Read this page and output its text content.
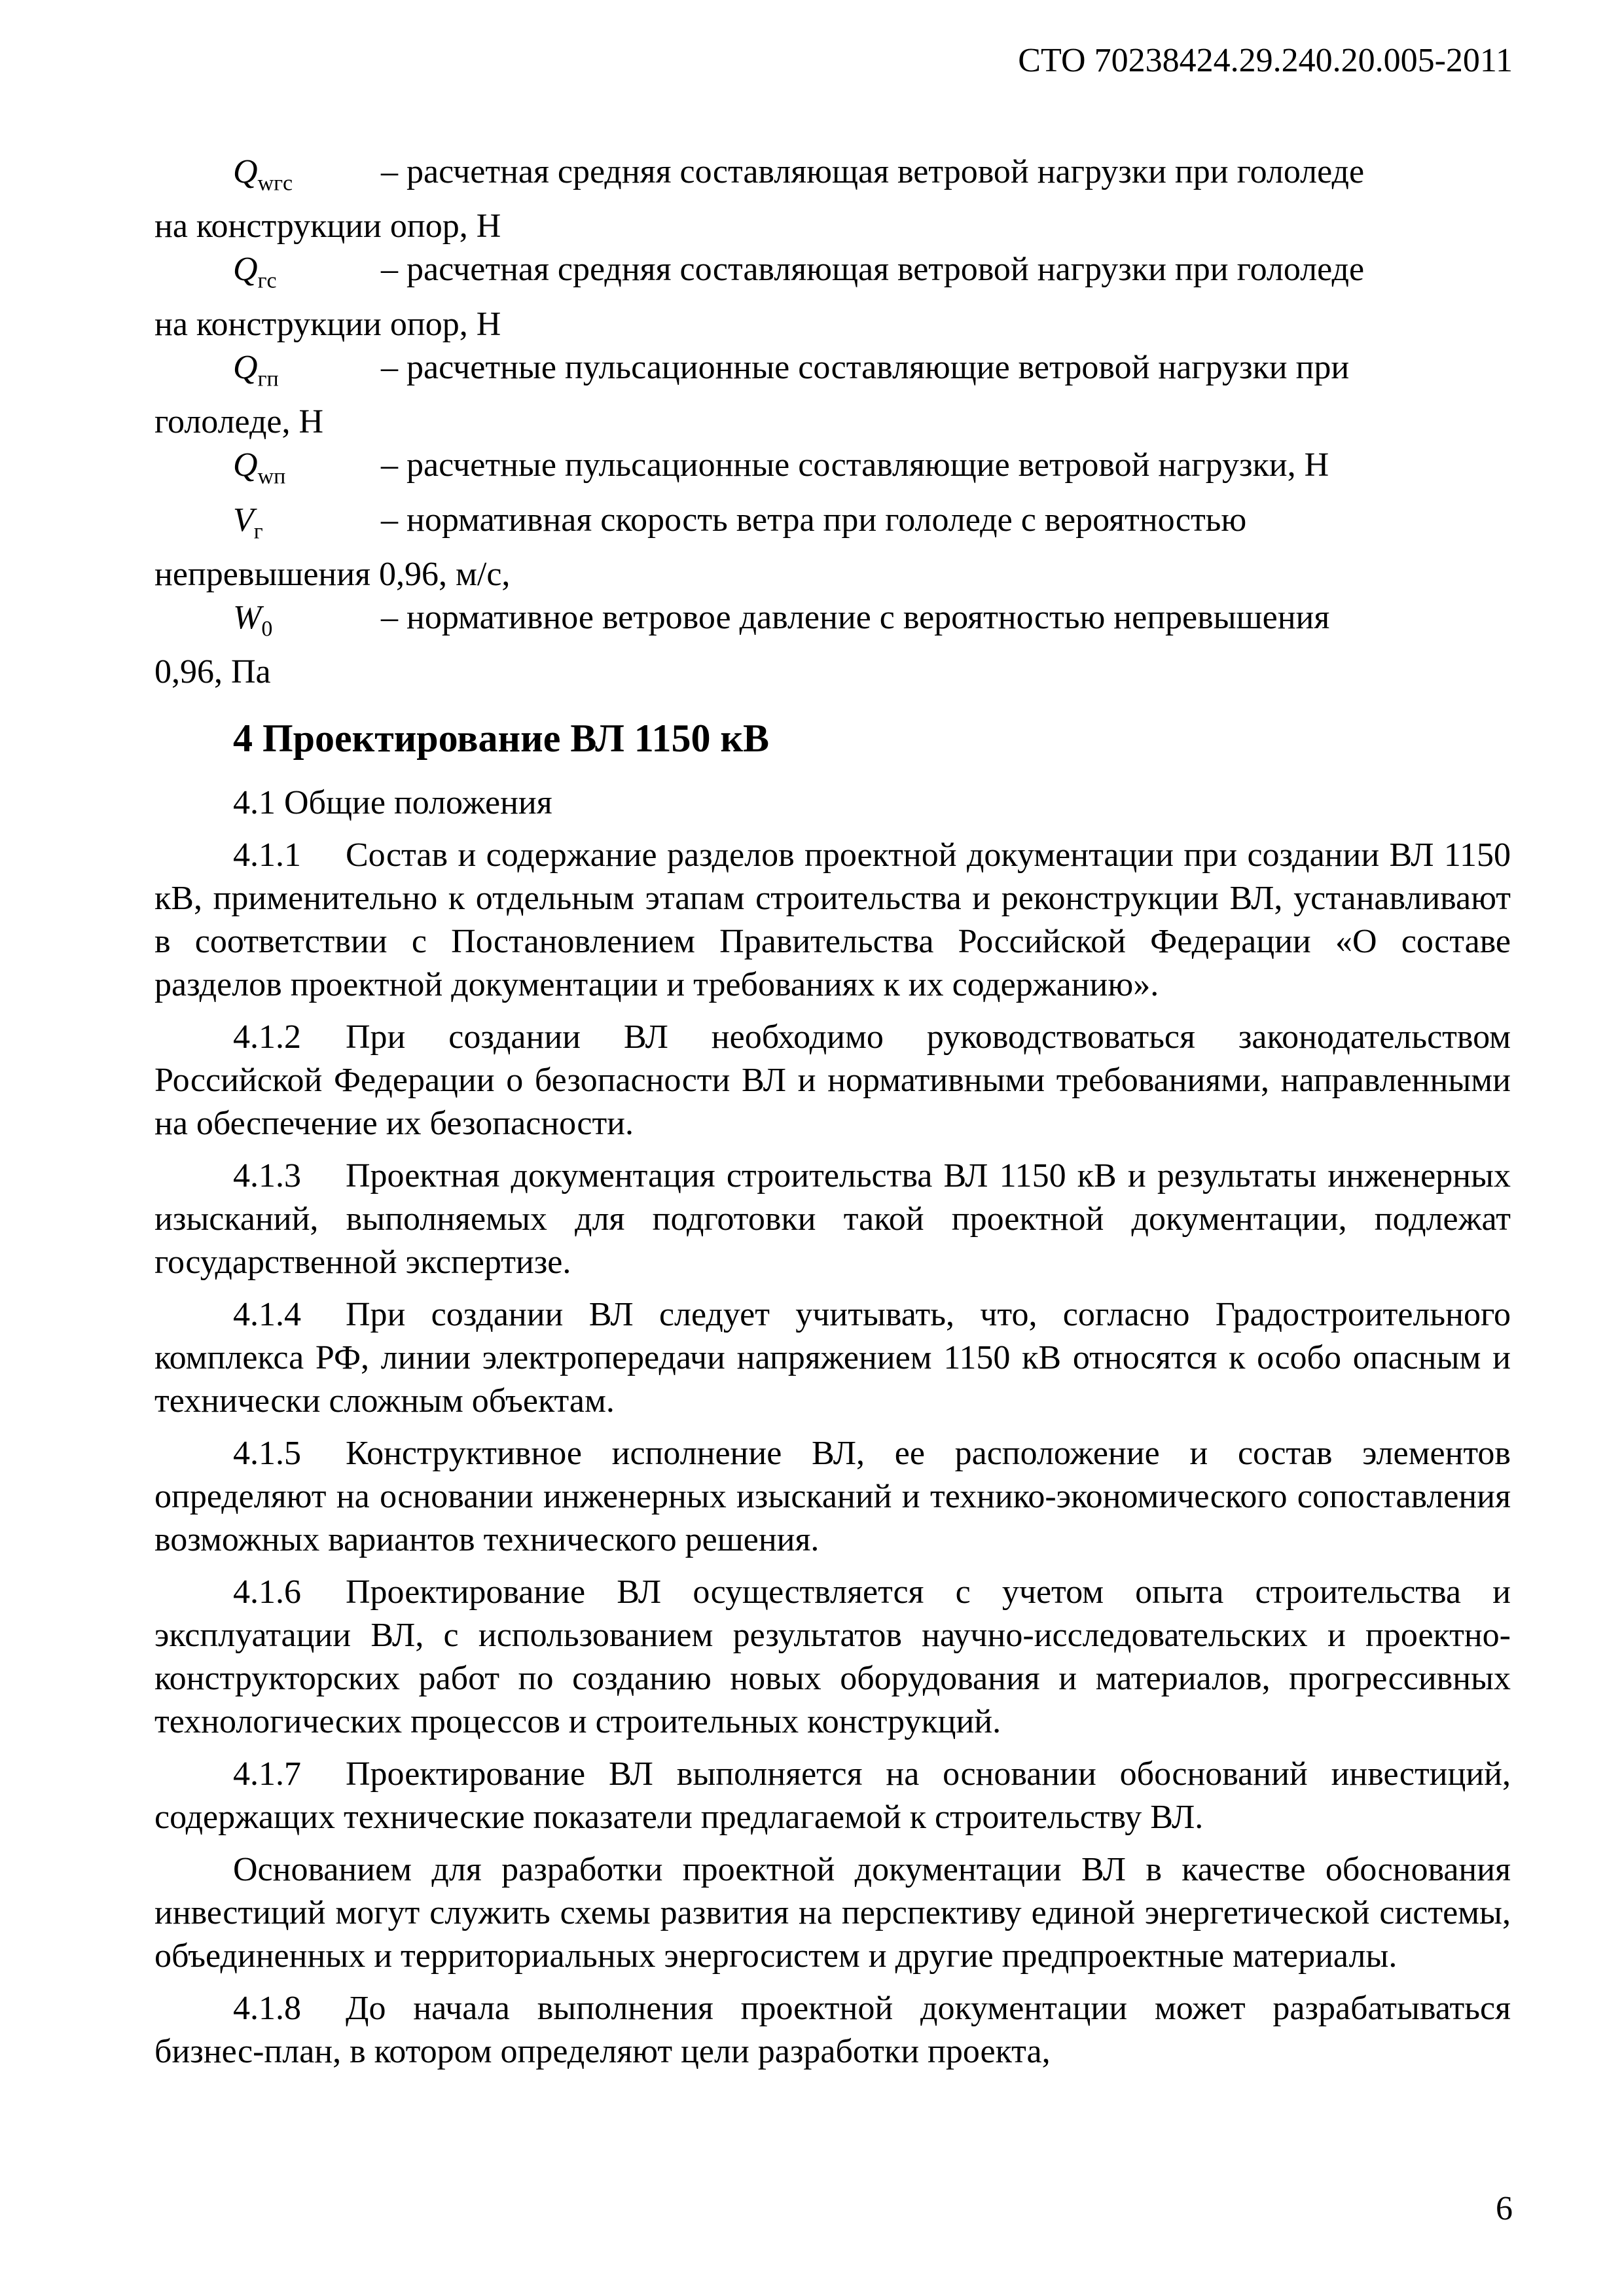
СТО 70238424.29.240.20.005-2011
$Q_{wгс}$	– расчетная средняя составляющая ветровой нагрузки при гололеде
на конструкции опор, Н
$Q_{гс}$	– расчетная средняя составляющая ветровой нагрузки при гололеде
на конструкции опор, Н
$Q_{гп}$	– расчетные пульсационные составляющие ветровой нагрузки при
гололеде, Н
$Q_{wп}$	– расчетные пульсационные составляющие ветровой нагрузки, Н
$V_г$	– нормативная скорость ветра при гололеде с вероятностью
непревышения 0,96, м/с,
$W_0$	– нормативное ветровое давление с вероятностью непревышения
0,96, Па
4 Проектирование ВЛ 1150 кВ
4.1 Общие положения

4.1.1 Состав и содержание разделов проектной документации при создании ВЛ 1150 кВ, применительно к отдельным этапам строительства и реконструкции ВЛ, устанавливают в соответствии с Постановлением Правительства Российской Федерации «О составе разделов проектной документации и требованиях к их содержанию».

4.1.2 При создании ВЛ необходимо руководствоваться законодательством Российской Федерации о безопасности ВЛ и нормативными требованиями, направленными на обеспечение их безопасности.

4.1.3 Проектная документация строительства ВЛ 1150 кВ и результаты инженерных изысканий, выполняемых для подготовки такой проектной документации, подлежат государственной экспертизе.

4.1.4 При создании ВЛ следует учитывать, что, согласно Градостроительного комплекса РФ, линии электропередачи напряжением 1150 кВ относятся к особо опасным и технически сложным объектам.

4.1.5 Конструктивное исполнение ВЛ, ее расположение и состав элементов определяют на основании инженерных изысканий и технико-экономического сопоставления возможных вариантов технического решения.

4.1.6 Проектирование ВЛ осуществляется с учетом опыта строительства и эксплуатации ВЛ, с использованием результатов научно-исследовательских и проектно-конструкторских работ по созданию новых оборудования и материалов, прогрессивных технологических процессов и строительных конструкций.

4.1.7 Проектирование ВЛ выполняется на основании обоснований инвестиций, содержащих технические показатели предлагаемой к строительству ВЛ.

Основанием для разработки проектной документации ВЛ в качестве обоснования инвестиций могут служить схемы развития на перспективу единой энергетической системы, объединенных и территориальных энергосистем и другие предпроектные материалы.

4.1.8 До начала выполнения проектной документации может разрабатываться бизнес-план, в котором определяют цели разработки проекта,

6
